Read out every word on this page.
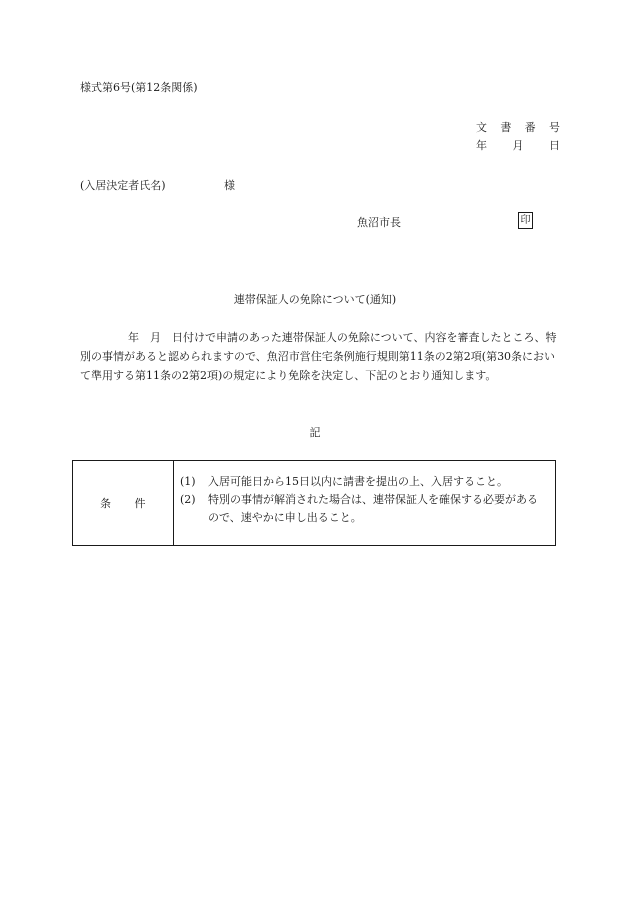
様式第6号(第12条関係)
文 書 番 号
年 月 日
(入居決定者氏名)	様
魚沼市長	印
連帯保証人の免除について(通知)
年　月　日付けで申請のあった連帯保証人の免除について、内容を審査したところ、特別の事情があると認められますので、魚沼市営住宅条例施行規則第11条の2第2項(第30条において準用する第11条の2第2項)の規定により免除を決定し、下記のとおり通知します。
記
条　　件
(1) 入居可能日から15日以内に請書を提出の上、入居すること。
(2) 特別の事情が解消された場合は、連帯保証人を確保する必要があるので、速やかに申し出ること。
